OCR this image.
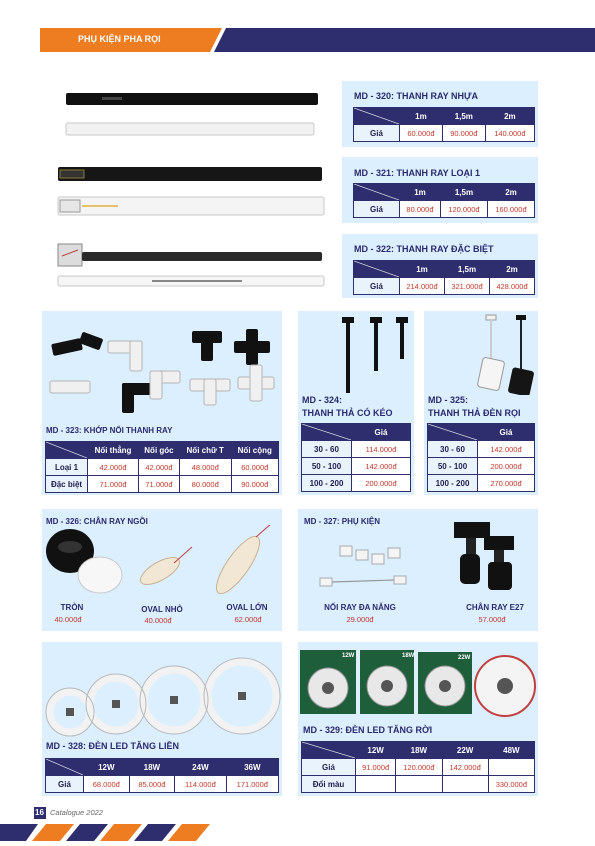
PHỤ KIỆN PHA RỌI
MD - 320: THANH RAY NHỰA
	1m	1,5m	2m
Giá	60.000đ	90.000đ	140.000đ
MD - 321: THANH RAY LOẠI 1
	1m	1,5m	2m
Giá	80.000đ	120.000đ	160.000đ
MD - 322: THANH RAY ĐẶC BIỆT
	1m	1,5m	2m
Giá	214.000đ	321.000đ	428.000đ
MD - 323: KHỚP NỐI THANH RAY
	Nối thẳng	Nối góc	Nối chữ T	Nối cộng
Loại 1	42.000đ	42.000đ	48.000đ	60.000đ
Đặc biệt	71.000đ	71.000đ	80.000đ	90.000đ
MD - 324:
THANH THẢ CÓ KÉO
	Giá
30 - 60	114.000đ
50 - 100	142.000đ
100 - 200	200.000đ
MD - 325:
THANH THẢ ĐÈN RỌI
	Giá
30 - 60	142.000đ
50 - 100	200.000đ
100 - 200	270.000đ
MD - 326: CHÂN RAY NGỒI
TRÒN
40.000đ
OVAL NHỎ
40.000đ
OVAL LỚN
62.000đ
MD - 327: PHỤ KIỆN
NỐI RAY ĐA NĂNG
29.000đ
CHÂN RAY E27
57.000đ
MD - 328: ĐÈN LED TĂNG LIỀN
	12W	18W	24W	36W
Giá	68.000đ	85.000đ	114.000đ	171.000đ
12W	18W	22W
MD - 329: ĐÈN LED TĂNG RỜI
	12W	18W	22W	48W
Giá	91.000đ	120.000đ	142.000đ	
Đổi màu				330.000đ
16 Catalogue 2022
